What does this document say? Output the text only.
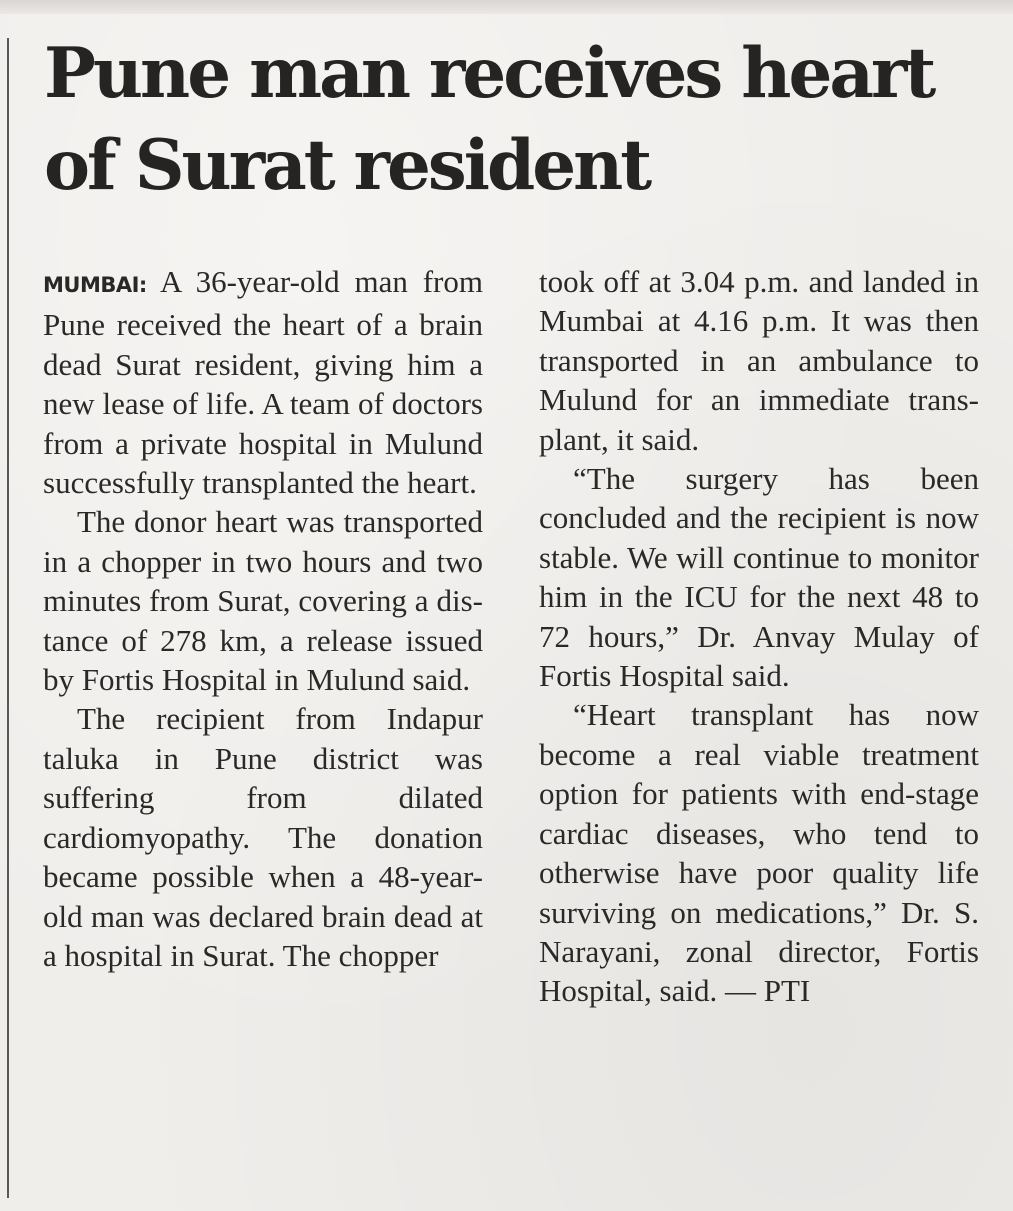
Pune man receives heart of Surat resident

MUMBAI: A 36-year-old man from Pune received the heart of a brain dead Surat resident, giving him a new lease of life. A team of doctors from a private hospital in Mulund successfully transplanted the heart.

The donor heart was transported in a chopper in two hours and two minutes from Surat, covering a distance of 278 km, a release issued by Fortis Hospital in Mulund said.

The recipient from Indapur taluka in Pune district was suffering from dilated cardiomyopathy. The donation became possible when a 48-year-old man was declared brain dead at a hospital in Surat. The chopper

took off at 3.04 p.m. and landed in Mumbai at 4.16 p.m. It was then transported in an ambulance to Mulund for an immediate transplant, it said.

“The surgery has been concluded and the recipient is now stable. We will continue to monitor him in the ICU for the next 48 to 72 hours,” Dr. Anvay Mulay of Fortis Hospital said.

“Heart transplant has now become a real viable treatment option for patients with end-stage cardiac diseases, who tend to otherwise have poor quality life surviving on medications,” Dr. S. Narayani, zonal director, Fortis Hospital, said. — PTI
